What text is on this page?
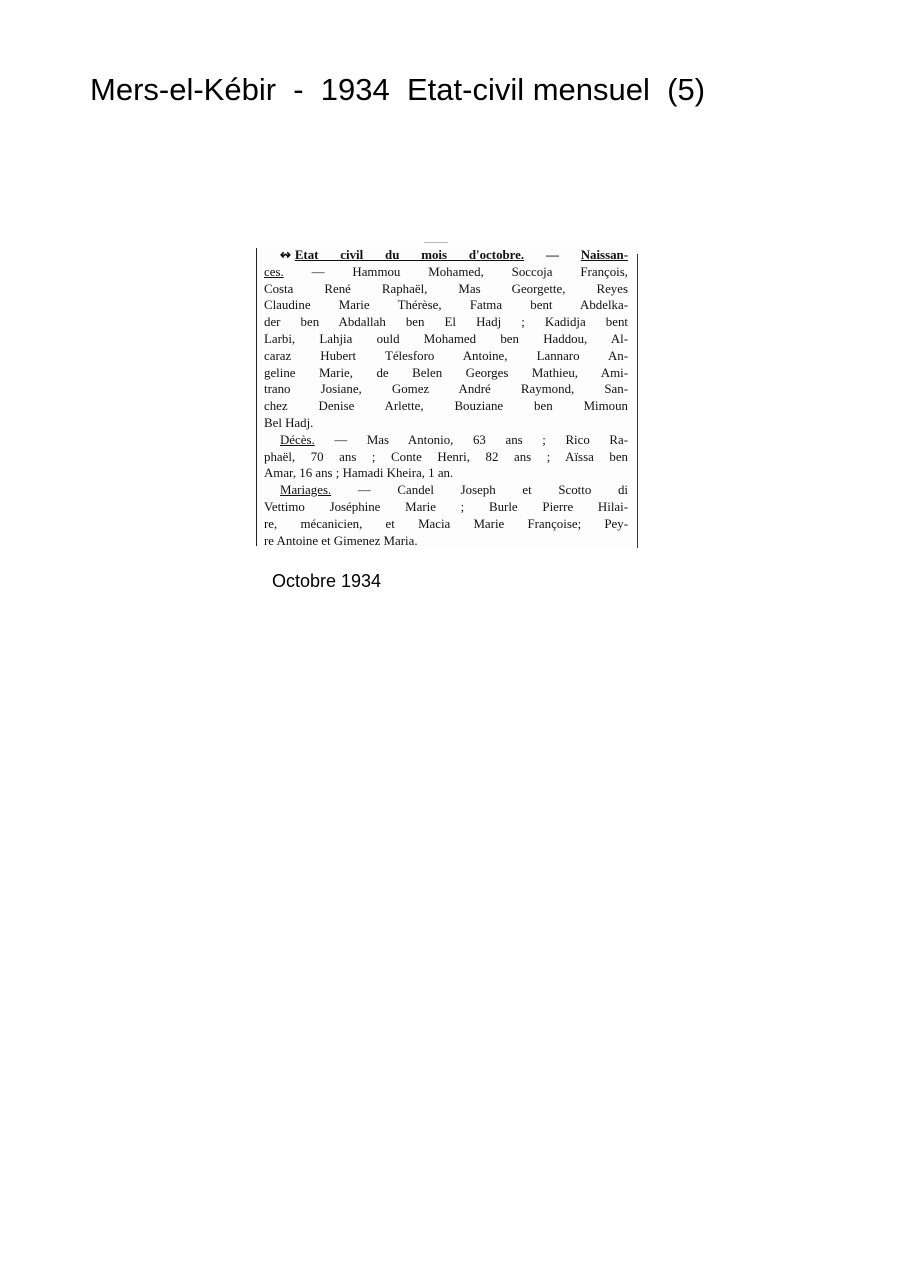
Mers-el-Kébir  -  1934  Etat-civil mensuel  (5)
↭ Etat civil du mois d'octobre. — Naissan-
ces. — Hammou Mohamed, Soccoja François,
Costa René Raphaël, Mas Georgette, Reyes
Claudine Marie Thérèse, Fatma bent Abdelka-
der ben Abdallah ben El Hadj ; Kadidja bent
Larbi, Lahjia ould Mohamed ben Haddou, Al-
caraz Hubert Télesforo Antoine, Lannaro An-
geline Marie, de Belen Georges Mathieu, Ami-
trano Josiane, Gomez André Raymond, San-
chez Denise Arlette, Bouziane ben Mimoun
Bel Hadj.
Décès. — Mas Antonio, 63 ans ; Rico Ra-
phaël, 70 ans ; Conte Henri, 82 ans ; Aïssa ben
Amar, 16 ans ; Hamadi Kheira, 1 an.
Mariages. — Candel Joseph et Scotto di
Vettimo Joséphine Marie ; Burle Pierre Hilai-
re, mécanicien, et Macia Marie Françoise; Pey-
re Antoine et Gimenez Maria.
Octobre 1934
